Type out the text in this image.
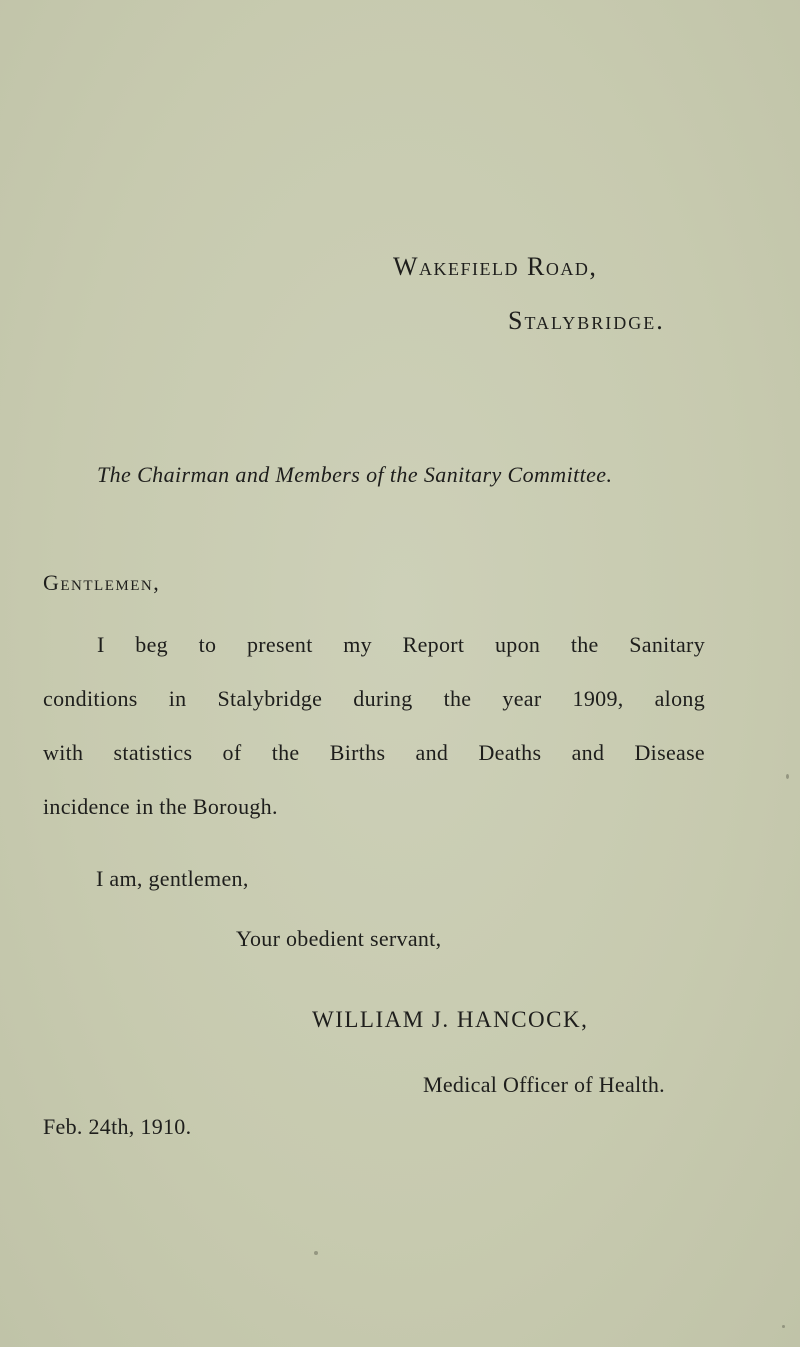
Wakefield Road,

Stalybridge.

The Chairman and Members of the Sanitary Committee.

Gentlemen,

I beg to present my Report upon the Sanitary
conditions in Stalybridge during the year 1909, along
with statistics of the Births and Deaths and Disease
incidence in the Borough.

I am, gentlemen,

Your obedient servant,

WILLIAM J. HANCOCK,

Medical Officer of Health.

Feb. 24th, 1910.
